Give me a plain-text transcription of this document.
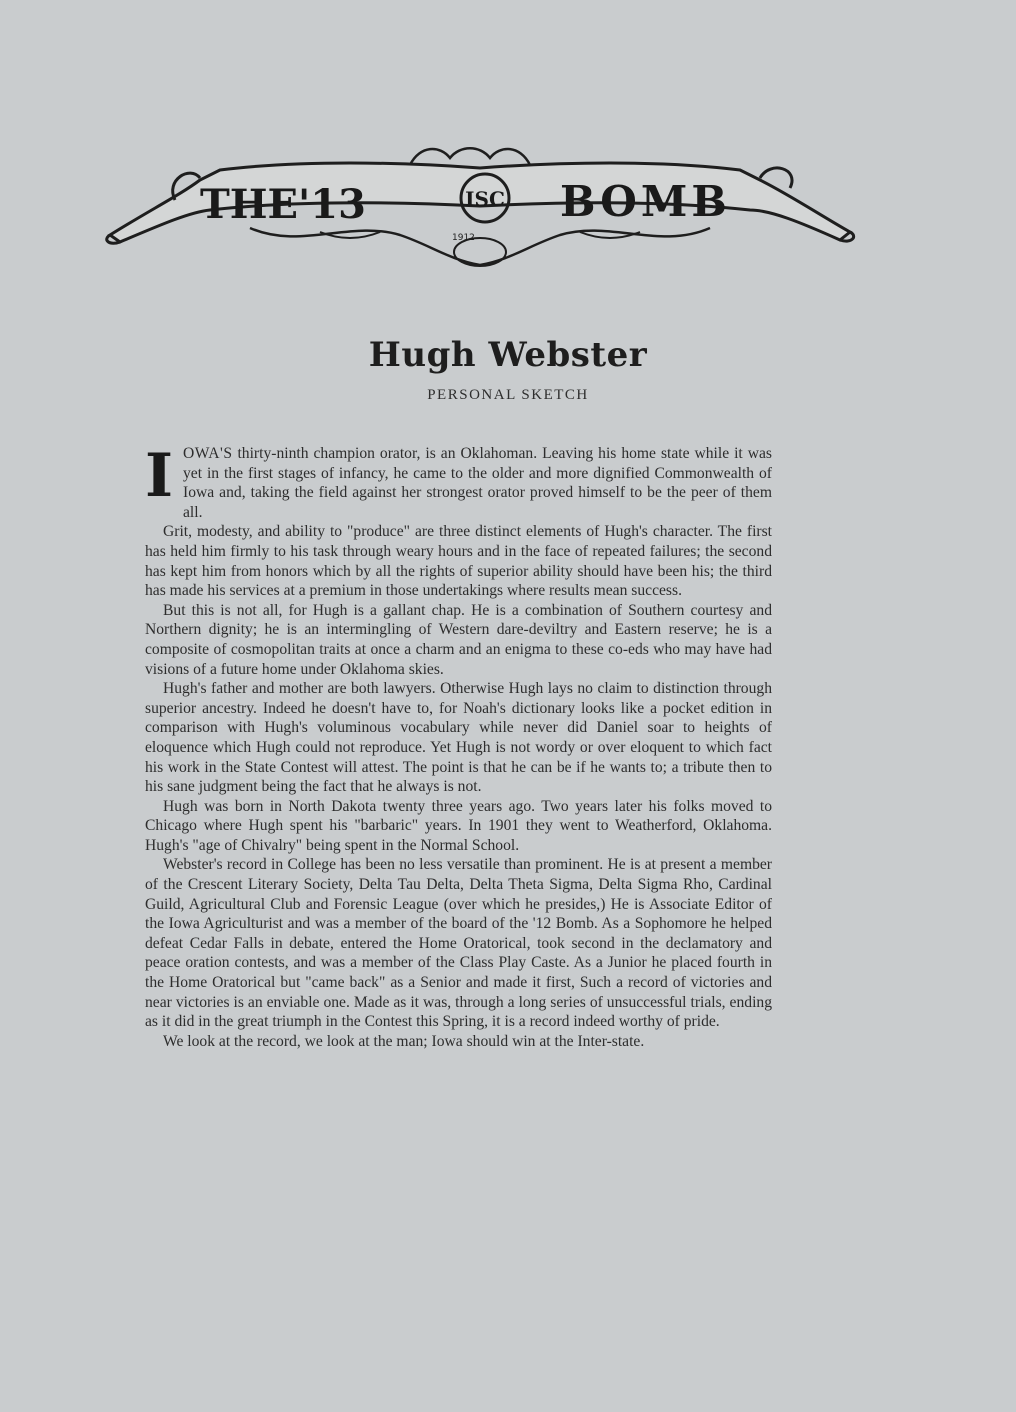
1912
THE'13	BOMB
ISC
Hugh Webster
PERSONAL SKETCH

I OWA'S thirty-ninth champion orator, is an Oklahoman. Leaving his home state while it was yet in the first stages of infancy, he came to the older and more dignified Commonwealth of Iowa and, taking the field against her strongest orator proved himself to be the peer of them all.

Grit, modesty, and ability to "produce" are three distinct elements of Hugh's character. The first has held him firmly to his task through weary hours and in the face of repeated failures; the second has kept him from honors which by all the rights of superior ability should have been his; the third has made his services at a premium in those undertakings where results mean success.

But this is not all, for Hugh is a gallant chap. He is a combination of Southern courtesy and Northern dignity; he is an intermingling of Western dare-deviltry and Eastern reserve; he is a composite of cosmopolitan traits at once a charm and an enigma to these co-eds who may have had visions of a future home under Oklahoma skies.

Hugh's father and mother are both lawyers. Otherwise Hugh lays no claim to distinction through superior ancestry. Indeed he doesn't have to, for Noah's dictionary looks like a pocket edition in comparison with Hugh's voluminous vocabulary while never did Daniel soar to heights of eloquence which Hugh could not reproduce. Yet Hugh is not wordy or over eloquent to which fact his work in the State Contest will attest. The point is that he can be if he wants to; a tribute then to his sane judgment being the fact that he always is not.

Hugh was born in North Dakota twenty three years ago. Two years later his folks moved to Chicago where Hugh spent his "barbaric" years. In 1901 they went to Weatherford, Oklahoma. Hugh's "age of Chivalry" being spent in the Normal School.

Webster's record in College has been no less versatile than prominent. He is at present a member of the Crescent Literary Society, Delta Tau Delta, Delta Theta Sigma, Delta Sigma Rho, Cardinal Guild, Agricultural Club and Forensic League (over which he presides,) He is Associate Editor of the Iowa Agriculturist and was a member of the board of the '12 Bomb. As a Sophomore he helped defeat Cedar Falls in debate, entered the Home Oratorical, took second in the declamatory and peace oration contests, and was a member of the Class Play Caste. As a Junior he placed fourth in the Home Oratorical but "came back" as a Senior and made it first, Such a record of victories and near victories is an enviable one. Made as it was, through a long series of unsuccessful trials, ending as it did in the great triumph in the Contest this Spring, it is a record indeed worthy of pride.

We look at the record, we look at the man; Iowa should win at the Inter-state.
